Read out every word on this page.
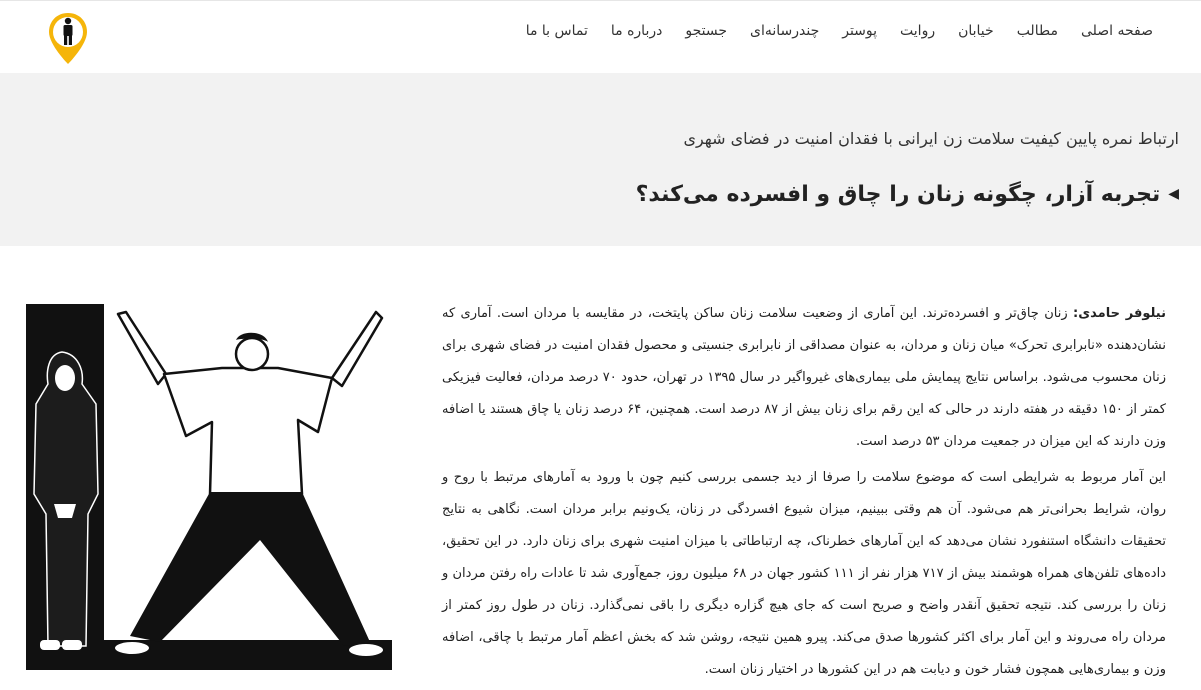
صفحه اصلی
مطالب
خیابان
روایت
پوستر
چندرسانه‌ای
جستجو
درباره ما
تماس با ما
ارتباط نمره پایین کیفیت سلامت زن ایرانی با فقدان امنیت در فضای شهری
◀
تجربه آزار، چگونه زنان را چاق و افسرده می‌کند؟

نیلوفر حامدی: زنان چاق‌تر و افسرده‌ترند. این آماری از وضعیت سلامت زنان ساکن پایتخت، در مقایسه با مردان است. آماری که نشان‌دهنده «نابرابری تحرک» میان زنان و مردان، به عنوان مصداقی از نابرابری جنسیتی و محصول فقدان امنیت در فضای شهری برای زنان محسوب می‌شود. براساس نتایج پیمایش ملی بیماری‌های غیرواگیر در سال ۱۳۹۵ در تهران، حدود ۷۰ درصد مردان، فعالیت فیزیکی کمتر از ۱۵۰ دقیقه در هفته دارند در حالی که این رقم برای زنان بیش از ۸۷ درصد است. همچنین، ۶۴ درصد زنان یا چاق هستند یا اضافه وزن دارند که این میزان در جمعیت مردان ۵۳ درصد است.

این آمار مربوط به شرایطی است که موضوع سلامت را صرفا از دید جسمی بررسی کنیم چون با ورود به آمارهای مرتبط با روح و روان، شرایط بحرانی‌تر هم می‌شود. آن هم وقتی ببینیم، میزان شیوع افسردگی در زنان، یک‌ونیم برابر مردان است. نگاهی به نتایج تحقیقات دانشگاه استنفورد نشان می‌دهد که این آمارهای خطرناک، چه ارتباطاتی با میزان امنیت شهری برای زنان دارد. در این تحقیق، داده‌های تلفن‌های همراه هوشمند بیش از ۷۱۷ هزار نفر از ۱۱۱ کشور جهان در ۶۸ میلیون روز، جمع‌آوری شد تا عادات راه رفتن مردان و زنان را بررسی کند. نتیجه تحقیق آنقدر واضح و صریح است که جای هیچ گزاره دیگری را باقی نمی‌گذارد. زنان در طول روز کمتر از مردان راه می‌روند و این آمار برای اکثر کشورها صدق می‌کند. پیرو همین نتیجه، روشن شد که بخش اعظم آمار مرتبط با چاقی، اضافه وزن و بیماری‌هایی همچون فشار خون و دیابت هم در این کشورها در اختیار زنان است.
